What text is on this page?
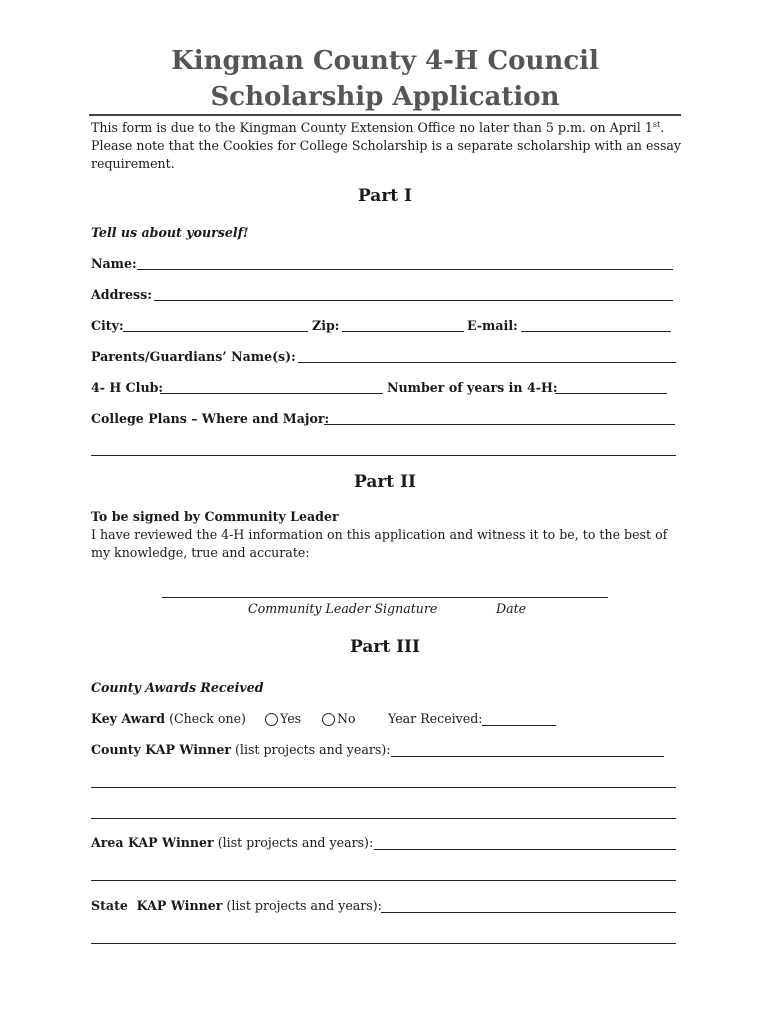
Kingman County 4-H Council
Scholarship Application
This form is due to the Kingman County Extension Office no later than 5 p.m. on April 1st.
Please note that the Cookies for College Scholarship is a separate scholarship with an essay
requirement.
Part I
Tell us about yourself!
Name:
Address:
City:	Zip:	E-mail:
Parents/Guardians’ Name(s):
4- H Club:	Number of years in 4-H:
College Plans – Where and Major:
Part II
To be signed by Community Leader
I have reviewed the 4-H information on this application and witness it to be, to the best of
my knowledge, true and accurate:
Community Leader Signature	Date
Part III
County Awards Received
Key Award (Check one)	Yes	No	Year Received:
County KAP Winner (list projects and years):
Area KAP Winner (list projects and years):
State  KAP Winner (list projects and years):
